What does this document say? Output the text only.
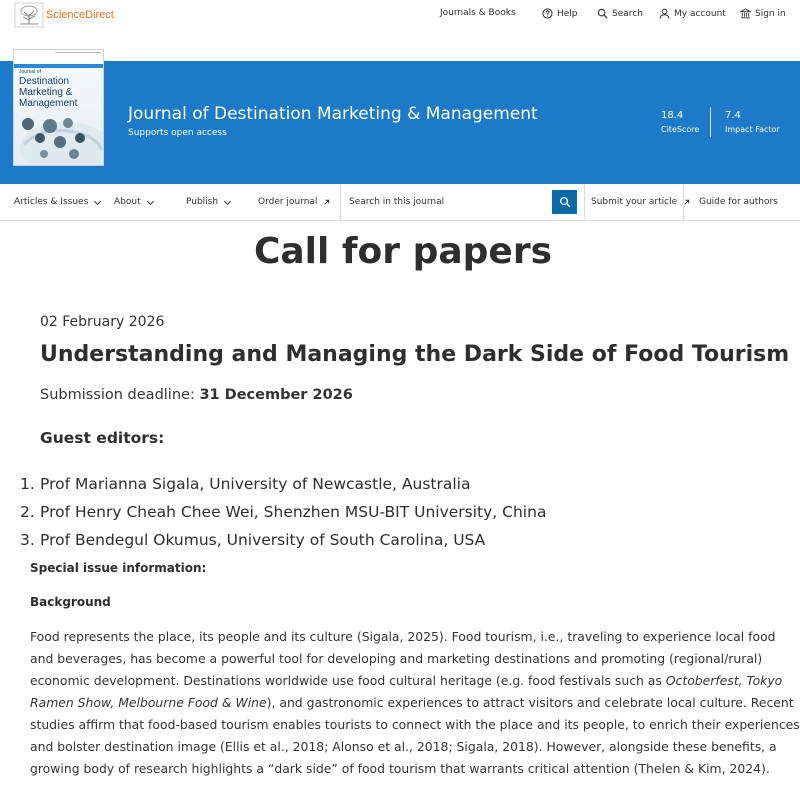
ScienceDirect	Journals & Books	Help	Search	My account	Sign in
Journal of
Destination Marketing & Management
Journal of Destination Marketing & Management
Supports open access
18.4
CiteScore
7.4
Impact Factor
Articles & Issues	About	Publish	Order journal
Search in this journal	Submit your article Guide for authors
Call for papers
02 February 2026
Understanding and Managing the Dark Side of Food Tourism
Submission deadline: 31 December 2026
Guest editors:
1. Prof Marianna Sigala, University of Newcastle, Australia
2. Prof Henry Cheah Chee Wei, Shenzhen MSU-BIT University, China
3. Prof Bendegul Okumus, University of South Carolina, USA
Special issue information:
Background

Food represents the place, its people and its culture (Sigala, 2025). Food tourism, i.e., traveling to experience local food and beverages, has become a powerful tool for developing and marketing destinations and promoting (regional/rural) economic development. Destinations worldwide use food cultural heritage (e.g. food festivals such as Octoberfest, Tokyo Ramen Show, Melbourne Food & Wine), and gastronomic experiences to attract visitors and celebrate local culture. Recent studies affirm that food-based tourism enables tourists to connect with the place and its people, to enrich their experiences and bolster destination image (Ellis et al., 2018; Alonso et al., 2018; Sigala, 2018). However, alongside these benefits, a growing body of research highlights a “dark side” of food tourism that warrants critical attention (Thelen & Kim, 2024).
